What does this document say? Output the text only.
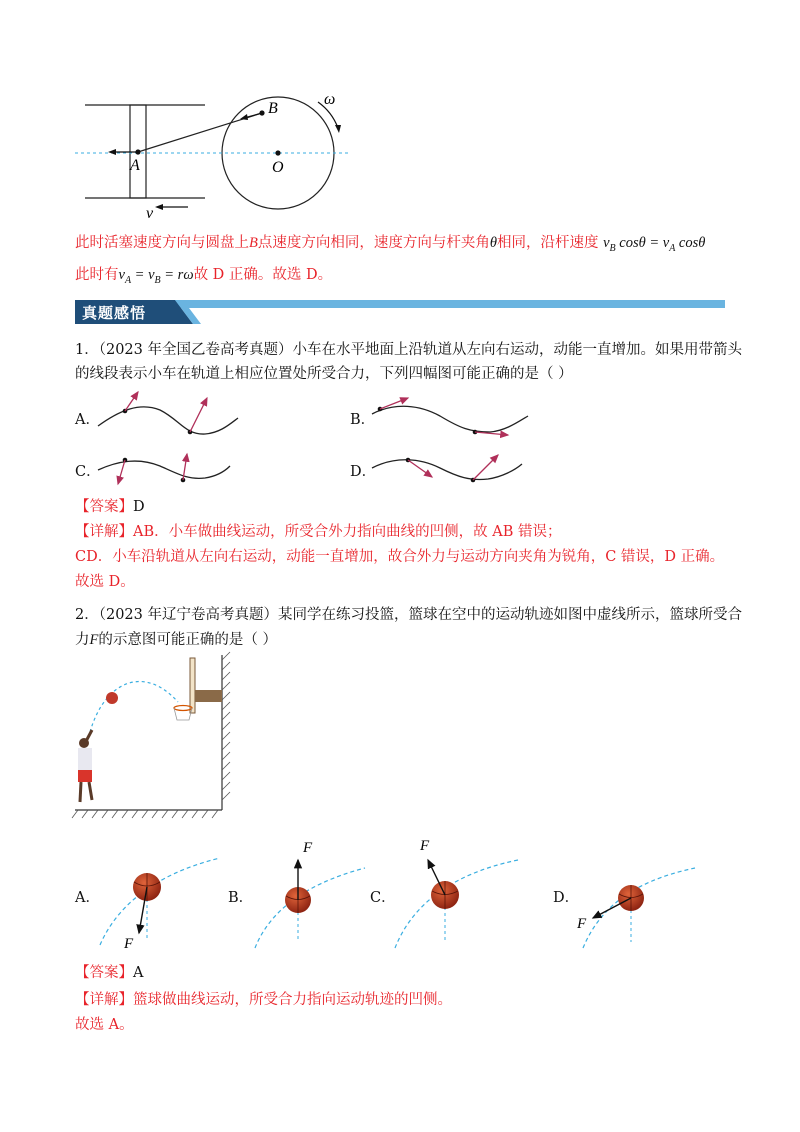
B
A	O
ω
v
此时活塞速度方向与圆盘上B点速度方向相同，速度方向与杆夹角θ相同，沿杆速度 $v_B$ $\cos\theta = v_A$ cosθ
此时有$v_A = v_B = r\omega$故 D 正确。故选 D。
真题感悟
1．（2023 年全国乙卷高考真题）小车在水平地面上沿轨道从左向右运动，动能一直增加。如果用带箭头
的线段表示小车在轨道上相应位置处所受合力，下列四幅图可能正确的是（ ）
A．	B．
C．	D．
【答案】D
【详解】AB．小车做曲线运动，所受合外力指向曲线的凹侧，故 AB 错误；
CD．小车沿轨道从左向右运动，动能一直增加，故合外力与运动方向夹角为锐角，C 错误，D 正确。
故选 D。
2．（2023 年辽宁卷高考真题）某同学在练习投篮，篮球在空中的运动轨迹如图中虚线所示，篮球所受合
力F的示意图可能正确的是（ ）
A．	B．	C．	D．
F
F	F
F
【答案】A
【详解】篮球做曲线运动，所受合力指向运动轨迹的凹侧。
故选 A。
